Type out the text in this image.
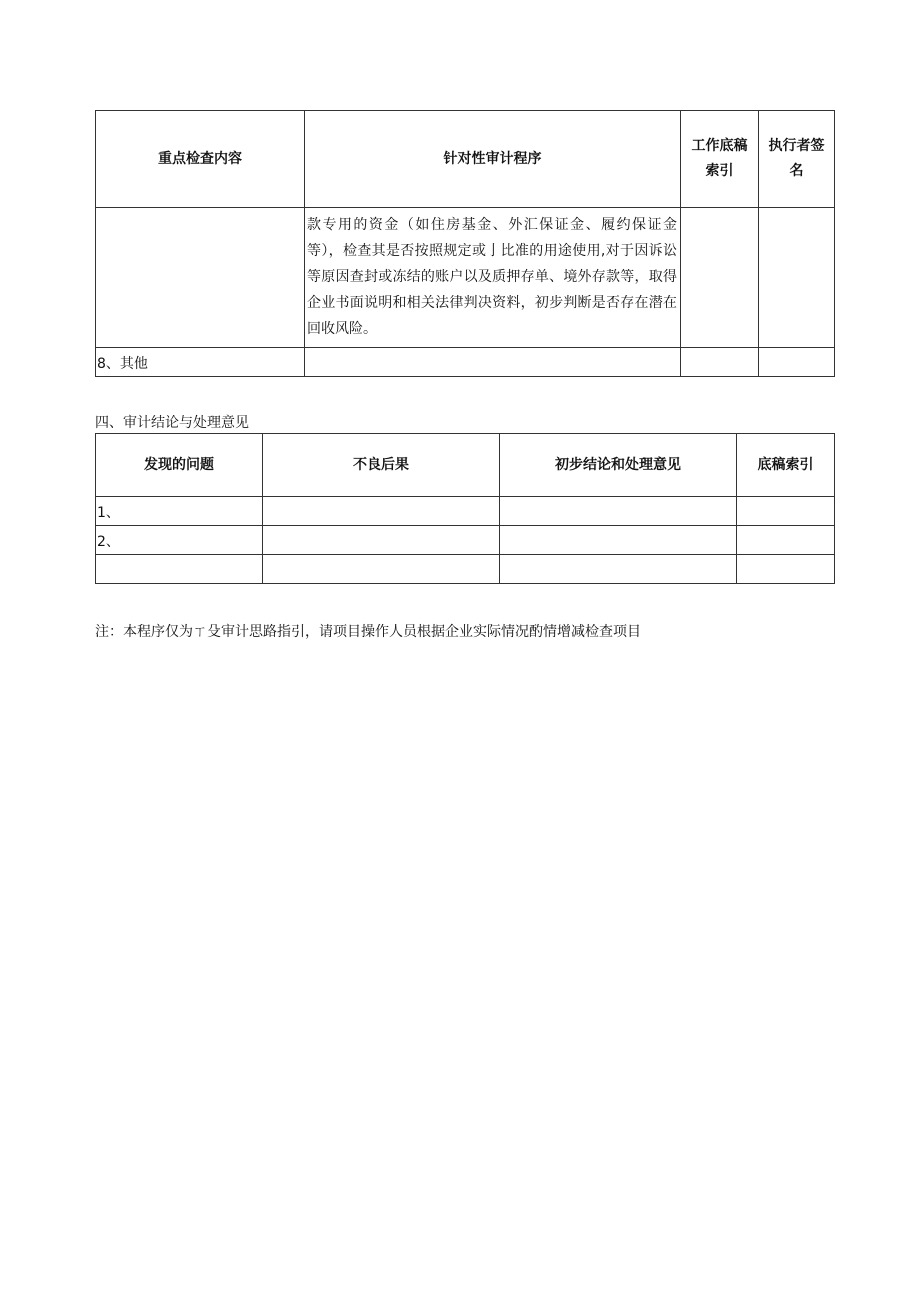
重点检查内容	针对性审计程序	工作底稿索引	执行者签名
	款专用的资金（如住房基金、外汇保证金、履约保证金等），检查其是否按照规定或亅比准的用途使用,对于因诉讼等原因查封或冻结的账户以及质押存单、境外存款等，取得企业书面说明和相关法律判决资料，初步判断是否存在潜在回收风险。		
8、其他			
四、审计结论与处理意见
发现的问题	不良后果	初步结论和处理意见	底稿索引
1、			
2、			

注：本程序仅为ㄒ殳审计思路指引，请项目操作人员根据企业实际情况酌情增减检查项目
